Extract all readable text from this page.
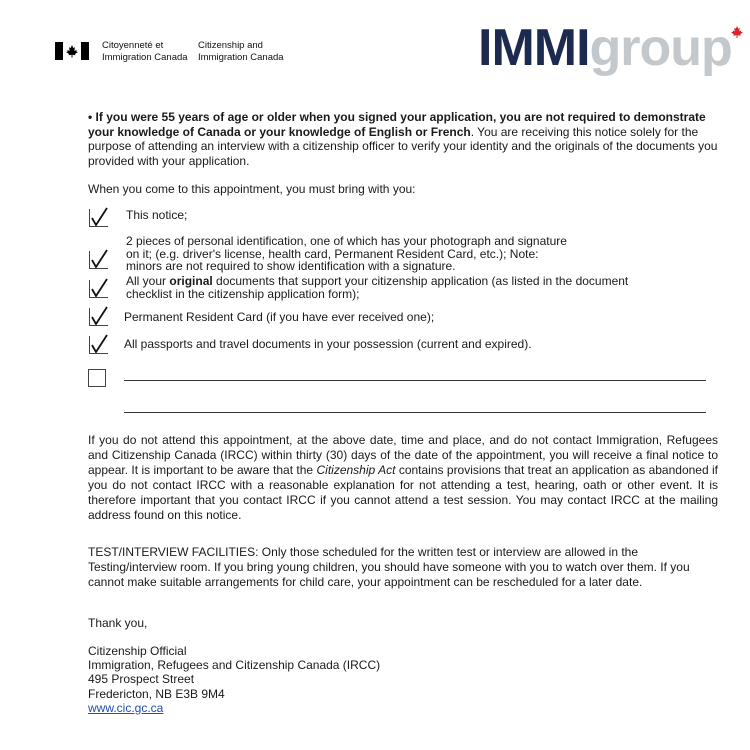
Citoyenneté et
Immigration Canada
Citizenship and
Immigration Canada	IMMIgroup
• If you were 55 years of age or older when you signed your application, you are not required to demonstrate your knowledge of Canada or your knowledge of English or French. You are receiving this notice solely for the purpose of attending an interview with a citizenship officer to verify your identity and the originals of the documents you provided with your application.
When you come to this appointment, you must bring with you:
This notice;
2 pieces of personal identification, one of which has your photograph and signature
on it; (e.g. driver's license, health card, Permanent Resident Card, etc.); Note:
minors are not required to show identification with a signature.
All your original documents that support your citizenship application (as listed in the document
checklist in the citizenship application form);
Permanent Resident Card (if you have ever received one);
All passports and travel documents in your possession (current and expired).
If you do not attend this appointment, at the above date, time and place, and do not contact Immigration, Refugees and Citizenship Canada (IRCC) within thirty (30) days of the date of the appointment, you will receive a final notice to appear. It is important to be aware that the Citizenship Act contains provisions that treat an application as abandoned if you do not contact IRCC with a reasonable explanation for not attending a test, hearing, oath or other event. It is therefore important that you contact IRCC if you cannot attend a test session. You may contact IRCC at the mailing address found on this notice.
TEST/INTERVIEW FACILITIES: Only those scheduled for the written test or interview are allowed in the Testing/interview room. If you bring young children, you should have someone with you to watch over them. If you cannot make suitable arrangements for child care, your appointment can be rescheduled for a later date.
Thank you,
Citizenship Official
Immigration, Refugees and Citizenship Canada (IRCC)
495 Prospect Street
Fredericton, NB E3B 9M4
www.cic.gc.ca
